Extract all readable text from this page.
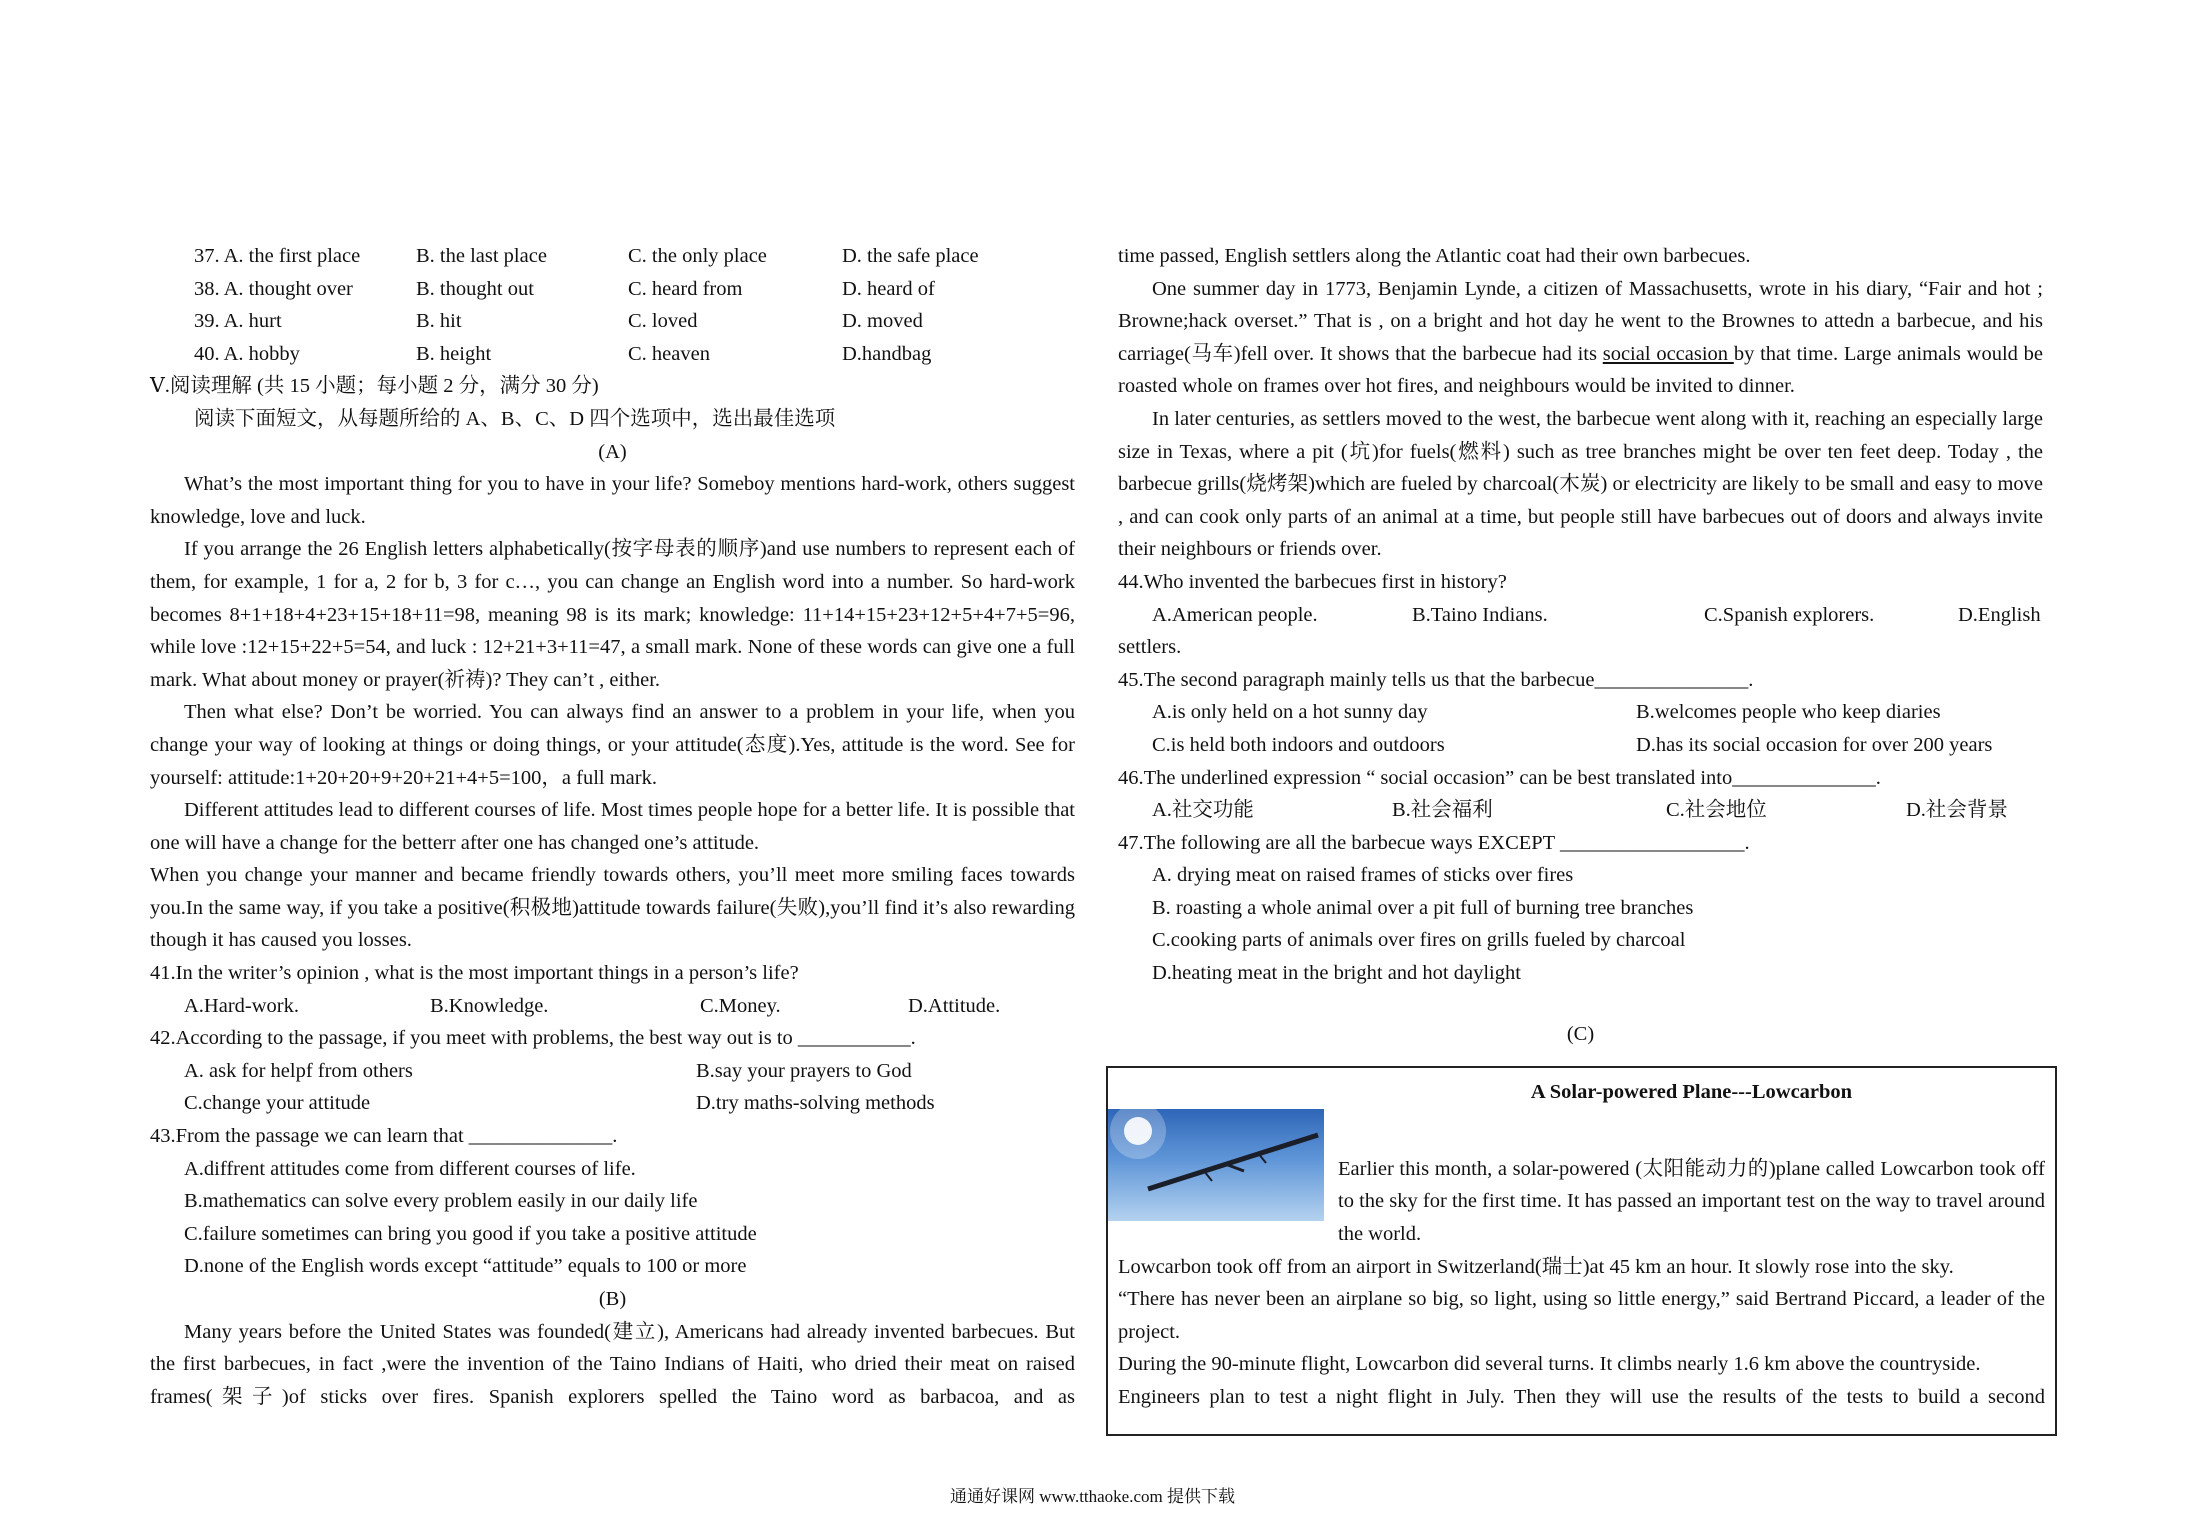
37. A. the first place	B. the last place	C. the only place	D. the safe place
38. A. thought over	B. thought out	C. heard from	D. heard of
39. A. hurt	B. hit	C. loved	D. moved
40. A. hobby	B. height	C. heaven	D.handbag

Ⅴ.阅读理解 (共 15 小题；每小题 2 分，满分 30 分)

阅读下面短文，从每题所给的 A、B、C、D 四个选项中，选出最佳选项

(A)

What’s the most important thing for you to have in your life? Someboy mentions hard-work, others suggest knowledge, love and luck.

If you arrange the 26 English letters alphabetically(按字母表的顺序)and use numbers to represent each of them, for example, 1 for a, 2 for b, 3 for c…, you can change an English word into a number. So hard-work becomes 8+1+18+4+23+15+18+11=98, meaning 98 is its mark; knowledge: 11+14+15+23+12+5+4+7+5=96, while love :12+15+22+5=54, and luck : 12+21+3+11=47, a small mark. None of these words can give one a full mark. What about money or prayer(祈祷)? They can’t , either.

Then what else? Don’t be worried. You can always find an answer to a problem in your life, when you change your way of looking at things or doing things, or your attitude(态度).Yes, attitude is the word. See for yourself: attitude:1+20+20+9+20+21+4+5=100，a full mark.

Different attitudes lead to different courses of life. Most times people hope for a better life. It is possible that one will have a change for the betterr after one has changed one’s attitude.

When you change your manner and became friendly towards others, you’ll meet more smiling faces towards you.In the same way, if you take a positive(积极地)attitude towards failure(失败),you’ll find it’s also rewarding though it has caused you losses.

41.In the writer’s opinion , what is the most important things in a person’s life?

A.Hard-work.	B.Knowledge.	C.Money.	D.Attitude.

42.According to the passage, if you meet with problems, the best way out is to ___________.

A. ask for helpf from others	B.say your prayers to God
C.change your attitude	D.try maths-solving methods

43.From the passage we can learn that ______________.

A.diffrent attitudes come from different courses of life.

B.mathematics can solve every problem easily in our daily life

C.failure sometimes can bring you good if you take a positive attitude

D.none of the English words except “attitude” equals to 100 or more

(B)

Many years before the United States was founded(建立), Americans had already invented barbecues. But the first barbecues, in fact ,were the invention of the Taino Indians of Haiti, who dried their meat on raised frames(架子)of sticks over fires. Spanish explorers spelled the Taino word as barbacoa, and as

time passed, English settlers along the Atlantic coat had their own barbecues.

One summer day in 1773, Benjamin Lynde, a citizen of Massachusetts, wrote in his diary, “Fair and hot ; Browne;hack overset.” That is , on a bright and hot day he went to the Brownes to attedn a barbecue, and his carriage(马车)fell over. It shows that the barbecue had its social occasion by that time. Large animals would be roasted whole on frames over hot fires, and neighbours would be invited to dinner.

In later centuries, as settlers moved to the west, the barbecue went along with it, reaching an especially large size in Texas, where a pit (坑)for fuels(燃料) such as tree branches might be over ten feet deep. Today , the barbecue grills(烧烤架)which are fueled by charcoal(木炭) or electricity are likely to be small and easy to move , and can cook only parts of an animal at a time, but people still have barbecues out of doors and always invite their neighbours or friends over.

44.Who invented the barbecues first in history?

A.American people.	B.Taino Indians.	C.Spanish explorers.	D.English

settlers.

45.The second paragraph mainly tells us that the barbecue_______________.

A.is only held on a hot sunny day	B.welcomes people who keep diaries
C.is held both indoors and outdoors	D.has its social occasion for over 200 years

46.The underlined expression “ social occasion” can be best translated into______________.

A.社交功能	B.社会福利	C.社会地位	D.社会背景

47.The following are all the barbecue ways EXCEPT __________________.

A. drying meat on raised frames of sticks over fires

B. roasting a whole animal over a pit full of burning tree branches

C.cooking parts of animals over fires on grills fueled by charcoal

D.heating meat in the bright and hot daylight

(C)

A Solar-powered Plane---Lowcarbon

Earlier this month, a solar-powered (太阳能动力的)plane called Lowcarbon took off to the sky for the first time. It has passed an important test on the way to travel around the world.

Lowcarbon took off from an airport in Switzerland(瑞士)at 45 km an hour. It slowly rose into the sky.

“There has never been an airplane so big, so light, using so little energy,” said Bertrand Piccard, a leader of the project.

During the 90-minute flight, Lowcarbon did several turns. It climbs nearly 1.6 km above the countryside.

Engineers plan to test a night flight in July. Then they will use the results of the tests to build a second

通通好课网 www.tthaoke.com 提供下载
